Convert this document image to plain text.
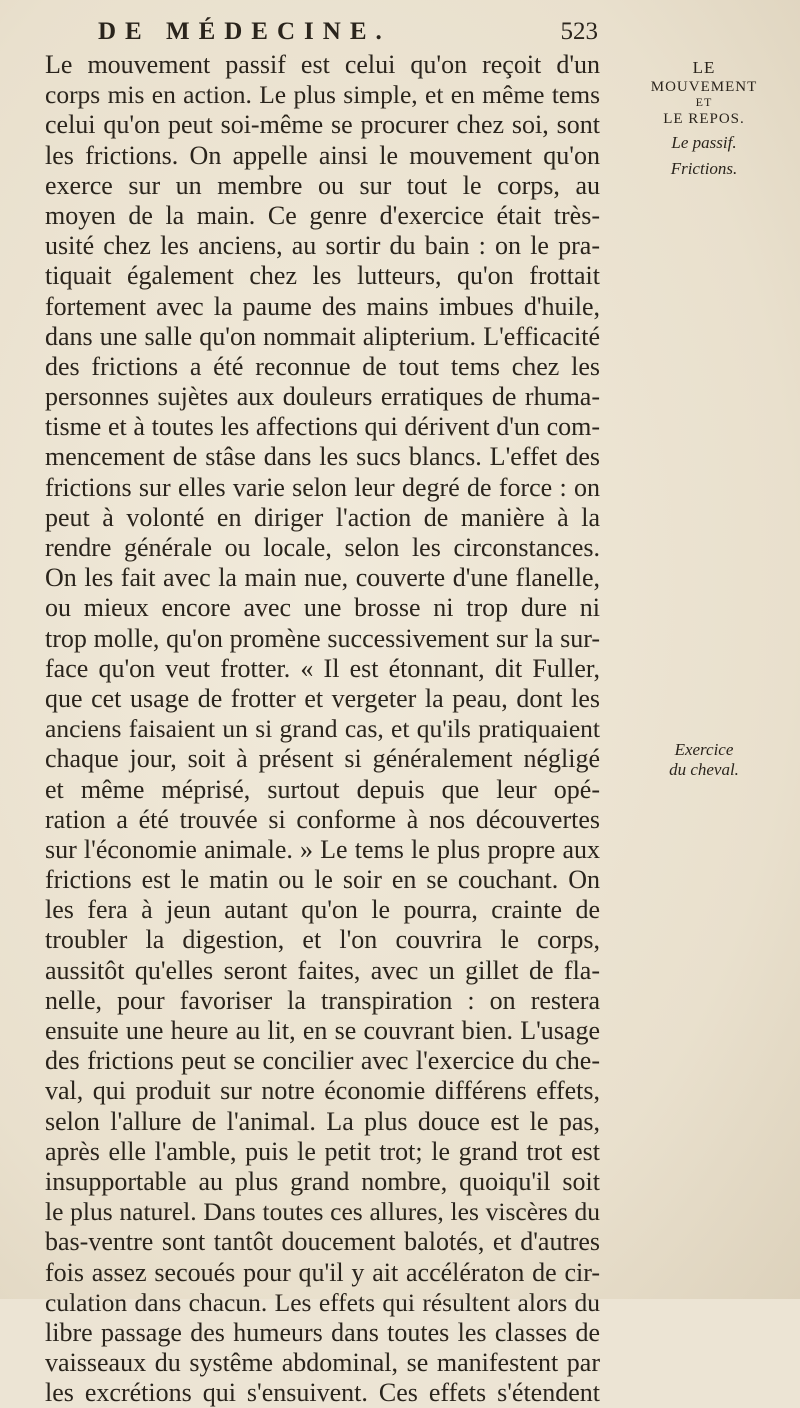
DE MÉDECINE.	523
Le mouvement passif est celui qu'on reçoit d'un
corps mis en action. Le plus simple, et en même tems
celui qu'on peut soi-même se procurer chez soi, sont
les frictions. On appelle ainsi le mouvement qu'on
exerce sur un membre ou sur tout le corps, au
moyen de la main. Ce genre d'exercice était très-
usité chez les anciens, au sortir du bain : on le pra-
tiquait également chez les lutteurs, qu'on frottait
fortement avec la paume des mains imbues d'huile,
dans une salle qu'on nommait alipterium. L'efficacité
des frictions a été reconnue de tout tems chez les
personnes sujètes aux douleurs erratiques de rhuma-
tisme et à toutes les affections qui dérivent d'un com-
mencement de stâse dans les sucs blancs. L'effet des
frictions sur elles varie selon leur degré de force : on
peut à volonté en diriger l'action de manière à la
rendre générale ou locale, selon les circonstances.
On les fait avec la main nue, couverte d'une flanelle,
ou mieux encore avec une brosse ni trop dure ni
trop molle, qu'on promène successivement sur la sur-
face qu'on veut frotter. « Il est étonnant, dit Fuller,
que cet usage de frotter et vergeter la peau, dont les
anciens faisaient un si grand cas, et qu'ils pratiquaient
chaque jour, soit à présent si généralement négligé
et même méprisé, surtout depuis que leur opé-
ration a été trouvée si conforme à nos découvertes
sur l'économie animale. » Le tems le plus propre aux
frictions est le matin ou le soir en se couchant. On
les fera à jeun autant qu'on le pourra, crainte de
troubler la digestion, et l'on couvrira le corps,
aussitôt qu'elles seront faites, avec un gillet de fla-
nelle, pour favoriser la transpiration : on restera
ensuite une heure au lit, en se couvrant bien. L'usage
des frictions peut se concilier avec l'exercice du che-
val, qui produit sur notre économie différens effets,
selon l'allure de l'animal. La plus douce est le pas,
après elle l'amble, puis le petit trot; le grand trot est
insupportable au plus grand nombre, quoiqu'il soit
le plus naturel. Dans toutes ces allures, les viscères du
bas-ventre sont tantôt doucement balotés, et d'autres
fois assez secoués pour qu'il y ait accélératon de cir-
culation dans chacun. Les effets qui résultent alors du
libre passage des humeurs dans toutes les classes de
vaisseaux du systême abdominal, se manifestent par
les excrétions qui s'ensuivent. Ces effets s'étendent
LE
MOUVEMENT
ET
LE REPOS.
Le passif.
Frictions.
Exercice
du cheval.
